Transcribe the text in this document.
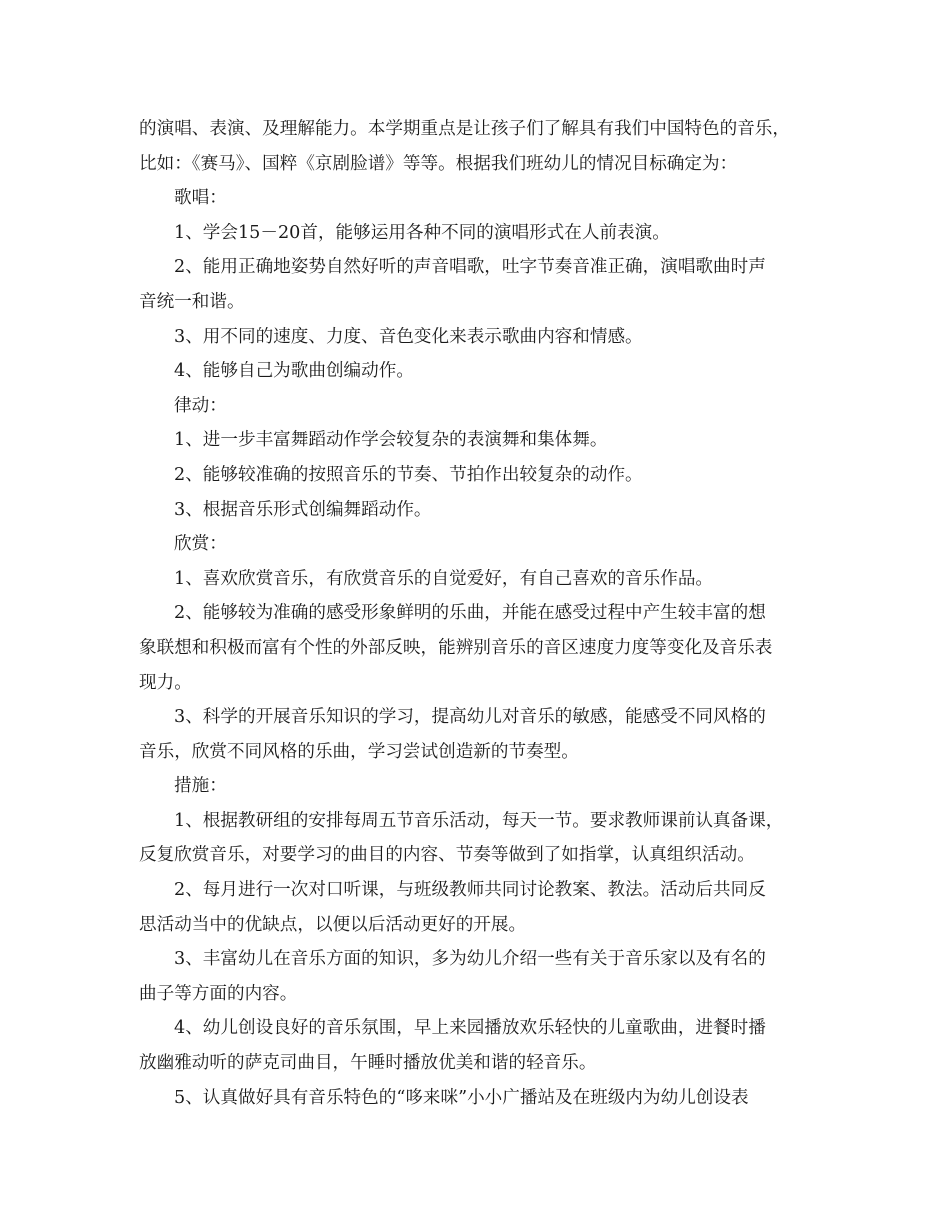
的演唱、表演、及理解能力。本学期重点是让孩子们了解具有我们中国特色的音乐，
比如：《赛马》、国粹《京剧脸谱》等等。根据我们班幼儿的情况目标确定为：
歌唱：
1、学会15－20首，能够运用各种不同的演唱形式在人前表演。
2、能用正确地姿势自然好听的声音唱歌，吐字节奏音准正确，演唱歌曲时声
音统一和谐。
3、用不同的速度、力度、音色变化来表示歌曲内容和情感。
4、能够自己为歌曲创编动作。
律动：
1、进一步丰富舞蹈动作学会较复杂的表演舞和集体舞。
2、能够较准确的按照音乐的节奏、节拍作出较复杂的动作。
3、根据音乐形式创编舞蹈动作。
欣赏：
1、喜欢欣赏音乐，有欣赏音乐的自觉爱好，有自己喜欢的音乐作品。
2、能够较为准确的感受形象鲜明的乐曲，并能在感受过程中产生较丰富的想
象联想和积极而富有个性的外部反映，能辨别音乐的音区速度力度等变化及音乐表
现力。
3、科学的开展音乐知识的学习，提高幼儿对音乐的敏感，能感受不同风格的
音乐，欣赏不同风格的乐曲，学习尝试创造新的节奏型。
措施：
1、根据教研组的安排每周五节音乐活动，每天一节。要求教师课前认真备课，
反复欣赏音乐，对要学习的曲目的内容、节奏等做到了如指掌，认真组织活动。
2、每月进行一次对口听课，与班级教师共同讨论教案、教法。活动后共同反
思活动当中的优缺点，以便以后活动更好的开展。
3、丰富幼儿在音乐方面的知识，多为幼儿介绍一些有关于音乐家以及有名的
曲子等方面的内容。
4、幼儿创设良好的音乐氛围，早上来园播放欢乐轻快的儿童歌曲，进餐时播
放幽雅动听的萨克司曲目，午睡时播放优美和谐的轻音乐。
5、认真做好具有音乐特色的“哆来咪”小小广播站及在班级内为幼儿创设表
